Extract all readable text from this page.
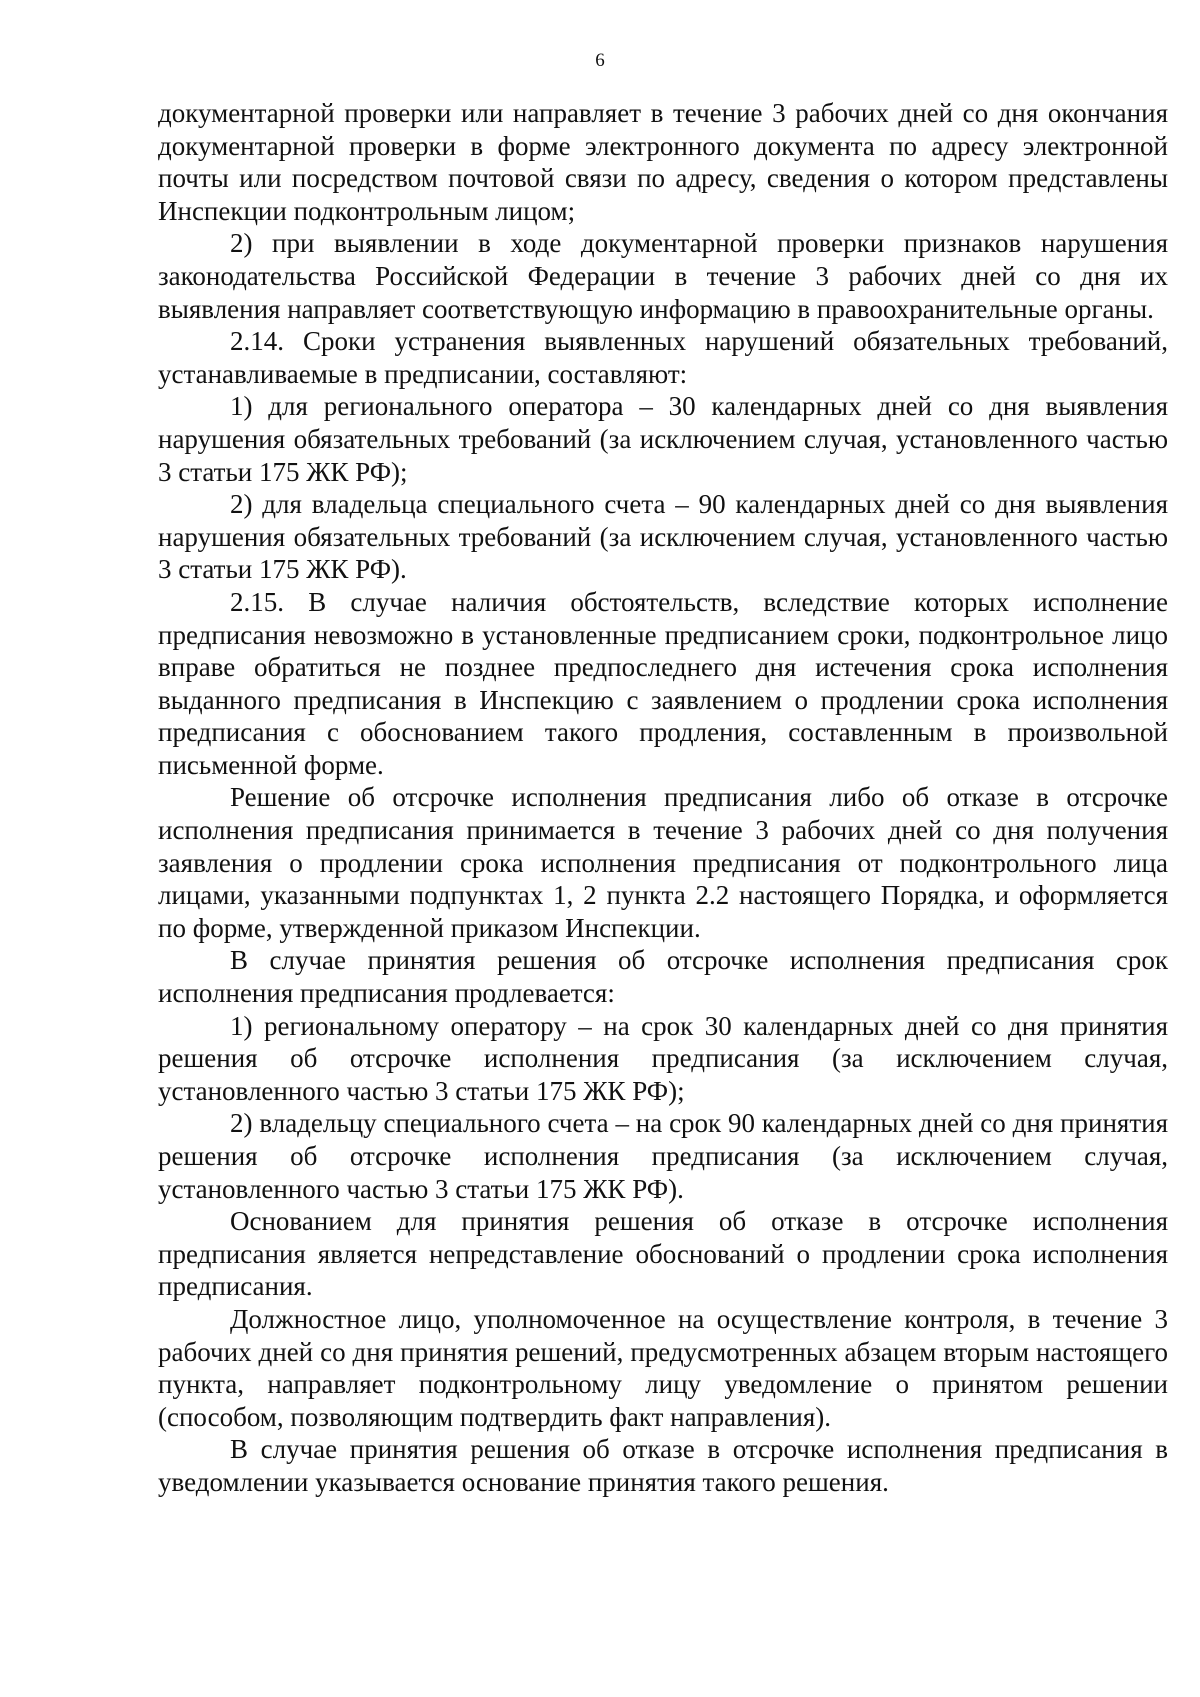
6

документарной проверки или направляет в течение 3 рабочих дней со дня окончания документарной проверки в форме электронного документа по адресу электронной почты или посредством почтовой связи по адресу, сведения о котором представлены Инспекции подконтрольным лицом;

2) при выявлении в ходе документарной проверки признаков нарушения законодательства Российской Федерации в течение 3 рабочих дней со дня их выявления направляет соответствующую информацию в правоохранительные органы.

2.14. Сроки устранения выявленных нарушений обязательных требований, устанавливаемые в предписании, составляют:

1) для регионального оператора – 30 календарных дней со дня выявления нарушения обязательных требований (за исключением случая, установленного частью 3 статьи 175 ЖК РФ);

2) для владельца специального счета – 90 календарных дней со дня выявления нарушения обязательных требований (за исключением случая, установленного частью 3 статьи 175 ЖК РФ).

2.15. В случае наличия обстоятельств, вследствие которых исполнение предписания невозможно в установленные предписанием сроки, подконтрольное лицо вправе обратиться не позднее предпоследнего дня истечения срока исполнения выданного предписания в Инспекцию с заявлением о продлении срока исполнения предписания с обоснованием такого продления, составленным в произвольной письменной форме.

Решение об отсрочке исполнения предписания либо об отказе в отсрочке исполнения предписания принимается в течение 3 рабочих дней со дня получения заявления о продлении срока исполнения предписания от подконтрольного лица лицами, указанными подпунктах 1, 2 пункта 2.2 настоящего Порядка, и оформляется по форме, утвержденной приказом Инспекции.

В случае принятия решения об отсрочке исполнения предписания срок исполнения предписания продлевается:

1) региональному оператору – на срок 30 календарных дней со дня принятия решения об отсрочке исполнения предписания (за исключением случая, установленного частью 3 статьи 175 ЖК РФ);

2) владельцу специального счета – на срок 90 календарных дней со дня принятия решения об отсрочке исполнения предписания (за исключением случая, установленного частью 3 статьи 175 ЖК РФ).

Основанием для принятия решения об отказе в отсрочке исполнения предписания является непредставление обоснований о продлении срока исполнения предписания.

Должностное лицо, уполномоченное на осуществление контроля, в течение 3 рабочих дней со дня принятия решений, предусмотренных абзацем вторым настоящего пункта, направляет подконтрольному лицу уведомление о принятом решении (способом, позволяющим подтвердить факт направления).

В случае принятия решения об отказе в отсрочке исполнения предписания в уведомлении указывается основание принятия такого решения.
